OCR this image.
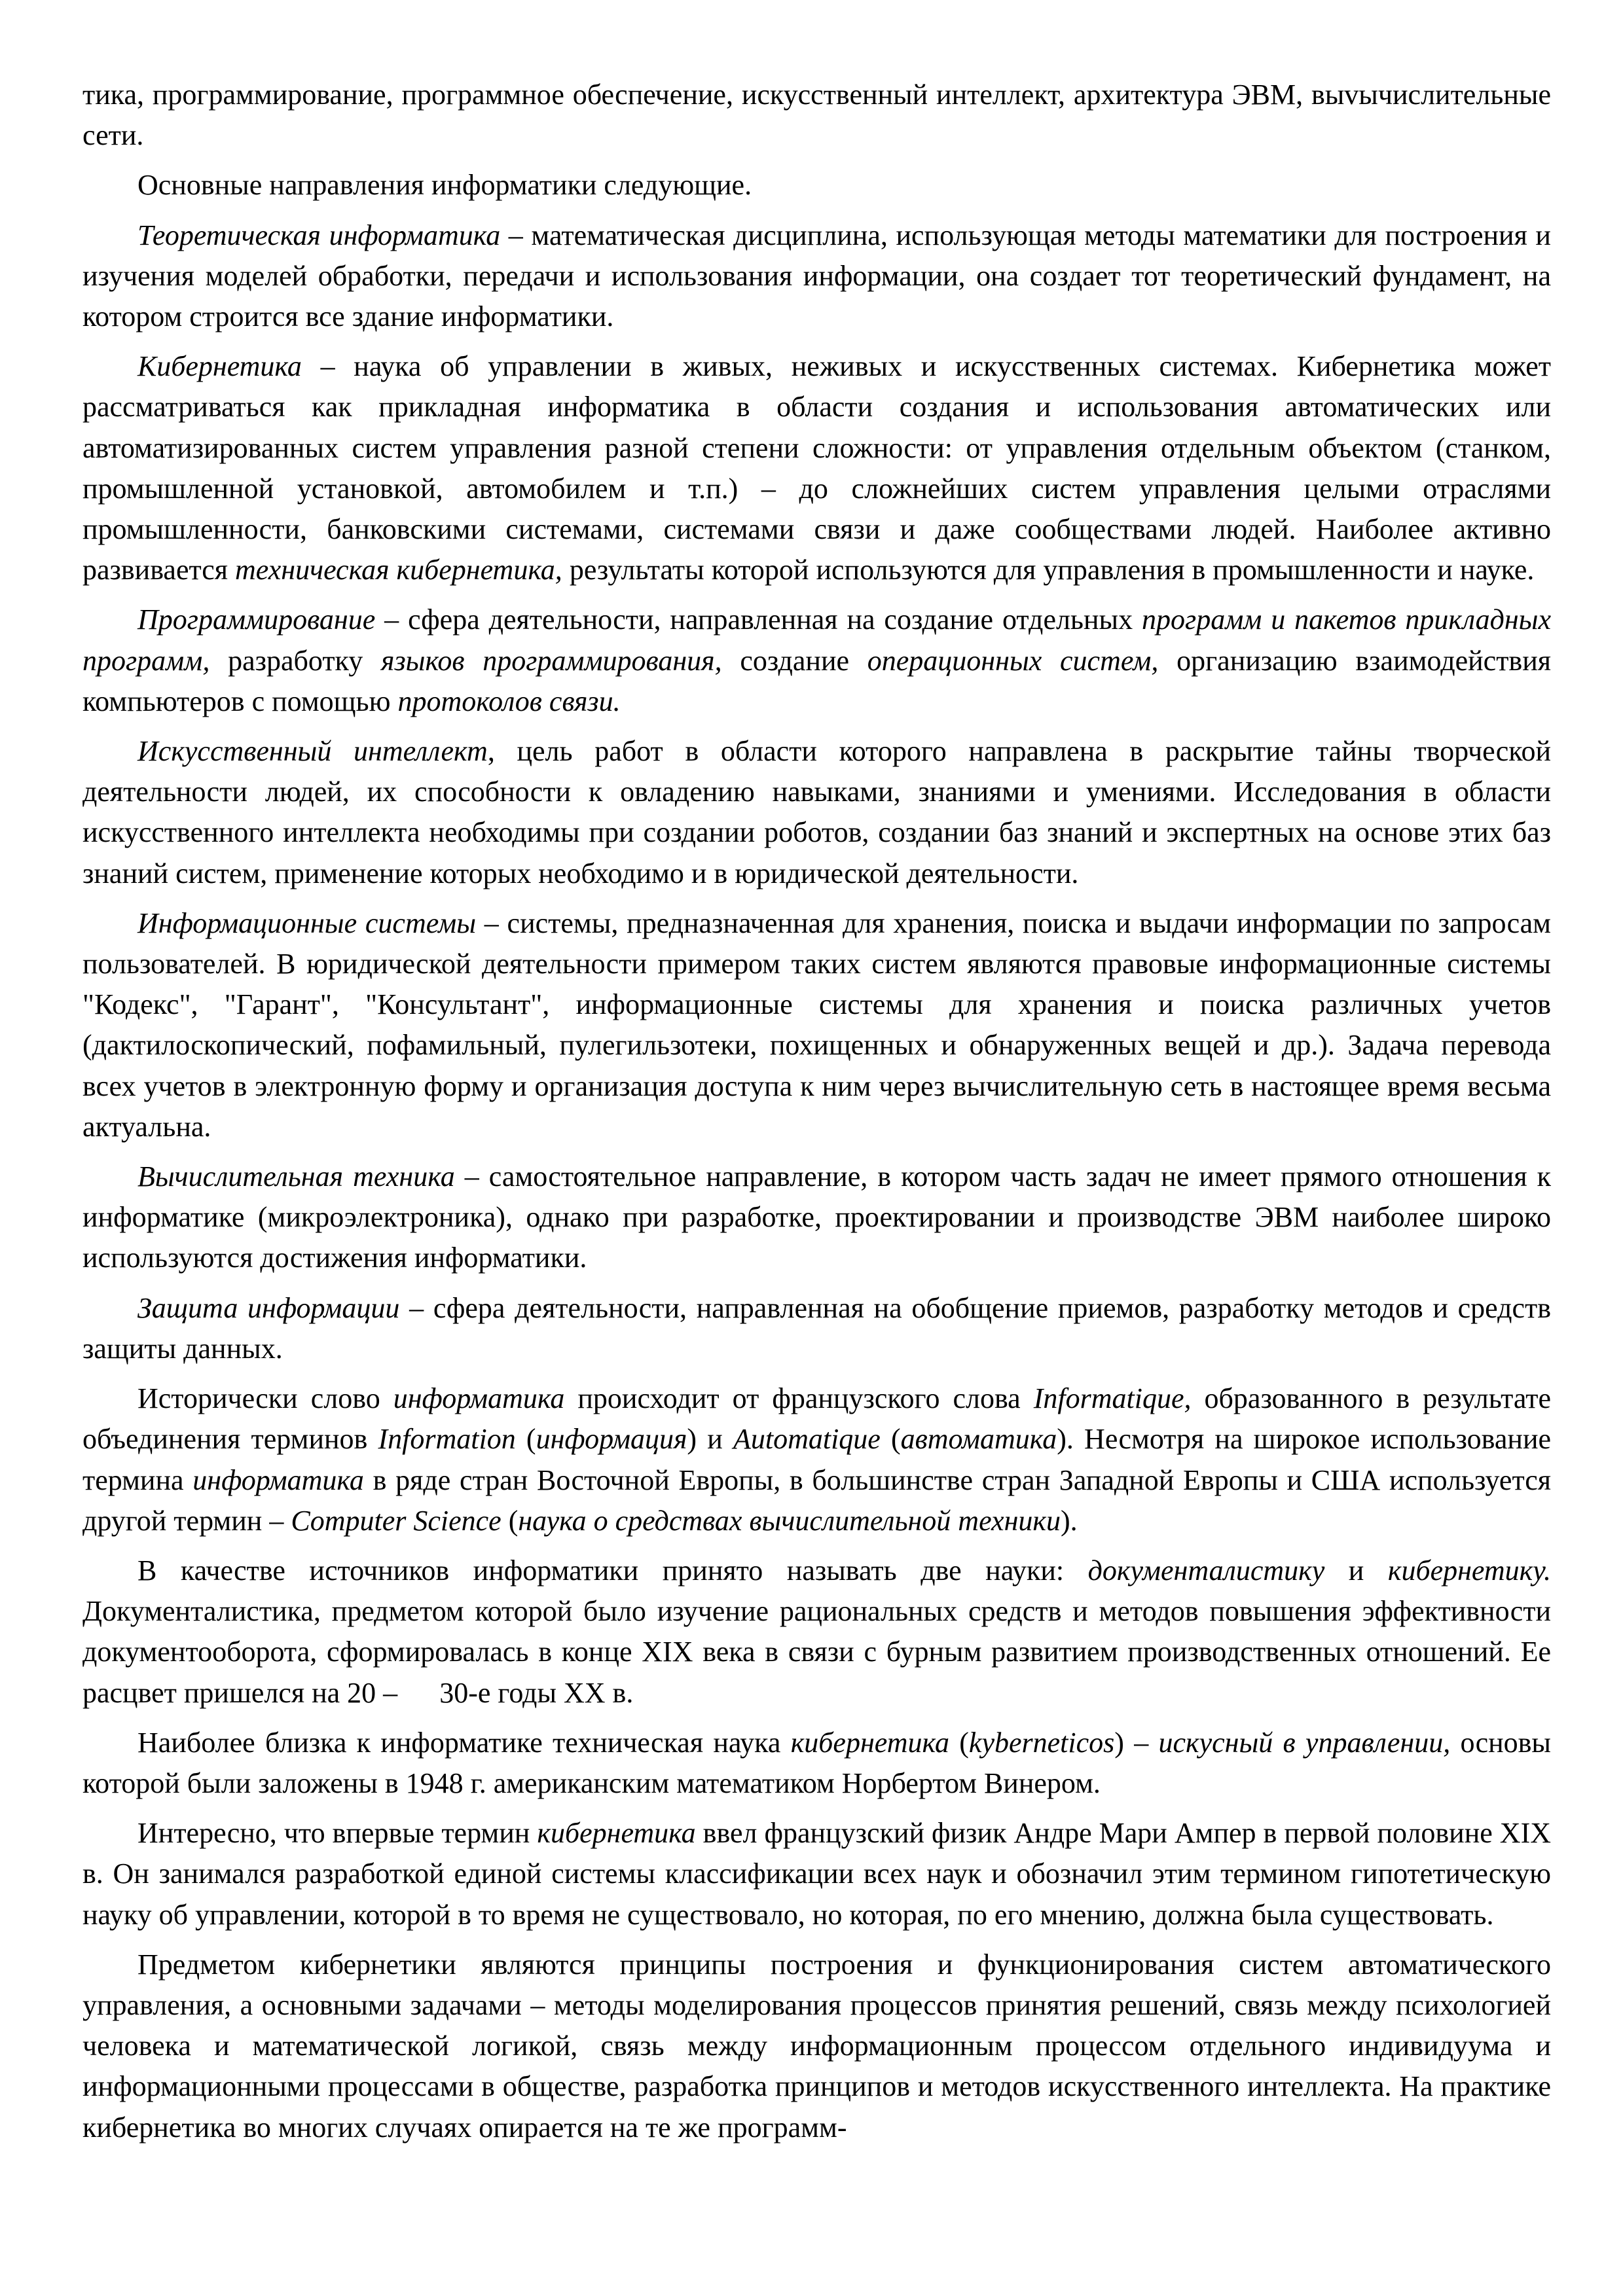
тика, программирование, программное обеспечение, искусственный интеллект, архитектура ЭВМ, выvычислительные сети.

Основные направления информатики следующие.

Теоретическая информатика – математическая дисциплина, использующая методы математики для построения и изучения моделей обработки, передачи и использования информации, она создает тот теоретический фундамент, на котором строится все здание информатики.

Кибернетика – наука об управлении в живых, неживых и искусственных системах. Кибернетика может рассматриваться как прикладная информатика в области создания и использования автоматических или автоматизированных систем управления разной степени сложности: от управления отдельным объектом (станком, промышленной установкой, автомобилем и т.п.) – до сложнейших систем управления целыми отраслями промышленности, банковскими системами, системами связи и даже сообществами людей. Наиболее активно развивается техническая кибернетика, результаты которой используются для управления в промышленности и науке.

Программирование – сфера деятельности, направленная на создание отдельных программ и пакетов прикладных программ, разработку языков программирования, создание операционных систем, организацию взаимодействия компьютеров с помощью протоколов связи.

Искусственный интеллект, цель работ в области которого направлена в раскрытие тайны творческой деятельности людей, их способности к овладению навыками, знаниями и умениями. Исследования в области искусственного интеллекта необходимы при создании роботов, создании баз знаний и экспертных на основе этих баз знаний систем, применение которых необходимо и в юридической деятельности.

Информационные системы – системы, предназначенная для хранения, поиска и выдачи информации по запросам пользователей. В юридической деятельности примером таких систем являются правовые информационные системы "Кодекс", "Гарант", "Консультант", информационные системы для хранения и поиска различных учетов (дактилоскопический, пофамильный, пулегильзотеки, похищенных и обнаруженных вещей и др.). Задача перевода всех учетов в электронную форму и организация доступа к ним через вычислительную сеть в настоящее время весьма актуальна.

Вычислительная техника – самостоятельное направление, в котором часть задач не имеет прямого отношения к информатике (микроэлектроника), однако при разработке, проектировании и производстве ЭВМ наиболее широко используются достижения информатики.

Защита информации – сфера деятельности, направленная на обобщение приемов, разработку методов и средств защиты данных.

Исторически слово информатика происходит от французского слова Informatique, образованного в результате объединения терминов Information (информация) и Automatique (автоматика). Несмотря на широкое использование термина информатика в ряде стран Восточной Европы, в большинстве стран Западной Европы и США используется другой термин – Computer Science (наука о средствах вычислительной техники).

В качестве источников информатики принято называть две науки: документалистику и кибернетику. Документалистика, предметом которой было изучение рациональных средств и методов повышения эффективности документооборота, сформировалась в конце XIX века в связи с бурным развитием производственных отношений. Ее расцвет пришелся на 20 – 30-е годы XX в.

Наиболее близка к информатике техническая наука кибернетика (kyberneticos) – искусный в управлении, основы которой были заложены в 1948 г. американским математиком Норбертом Винером.

Интересно, что впервые термин кибернетика ввел французский физик Андре Мари Ампер в первой половине XIX в. Он занимался разработкой единой системы классификации всех наук и обозначил этим термином гипотетическую науку об управлении, которой в то время не существовало, но которая, по его мнению, должна была существовать.

Предметом кибернетики являются принципы построения и функционирования систем автоматического управления, а основными задачами – методы моделирования процессов принятия решений, связь между психологией человека и математической логикой, связь между информационным процессом отдельного индивидуума и информационными процессами в обществе, разработка принципов и методов искусственного интеллекта. На практике кибернетика во многих случаях опирается на те же программ-
